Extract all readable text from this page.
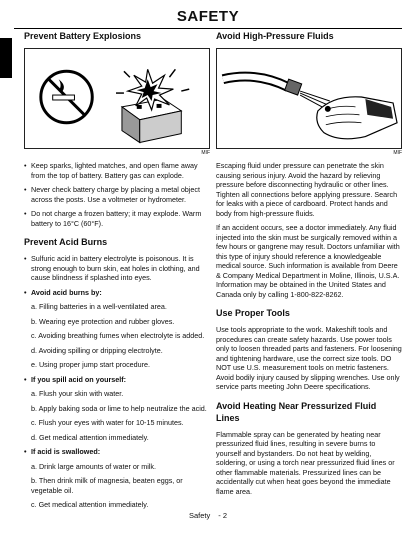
SAFETY
Prevent Battery Explosions
MIF

• Keep sparks, lighted matches, and open flame away from the top of battery. Battery gas can explode.

• Never check battery charge by placing a metal object across the posts. Use a voltmeter or hydrometer.

• Do not charge a frozen battery; it may explode. Warm battery to 16°C (60°F).

Prevent Acid Burns

• Sulfuric acid in battery electrolyte is poisonous. It is strong enough to burn skin, eat holes in clothing, and cause blindness if splashed into eyes.

• Avoid acid burns by:

a. Filling batteries in a well-ventilated area.

b. Wearing eye protection and rubber gloves.

c. Avoiding breathing fumes when electrolyte is added.

d. Avoiding spilling or dripping electrolyte.

e. Using proper jump start procedure.

• If you spill acid on yourself:

a. Flush your skin with water.

b. Apply baking soda or lime to help neutralize the acid.

c. Flush your eyes with water for 10-15 minutes.

d. Get medical attention immediately.

• If acid is swallowed:

a. Drink large amounts of water or milk.

b. Then drink milk of magnesia, beaten eggs, or vegetable oil.

c. Get medical attention immediately.

Avoid High-Pressure Fluids
MIF

Escaping fluid under pressure can penetrate the skin causing serious injury. Avoid the hazard by relieving pressure before disconnecting hydraulic or other lines. Tighten all connections before applying pressure. Search for leaks with a piece of cardboard. Protect hands and body from high-pressure fluids.

If an accident occurs, see a doctor immediately. Any fluid injected into the skin must be surgically removed within a few hours or gangrene may result. Doctors unfamiliar with this type of injury should reference a knowledgeable medical source. Such information is available from Deere & Company Medical Department in Moline, Illinois, U.S.A. Information may be obtained in the United States and Canada only by calling 1-800-822-8262.

Use Proper Tools

Use tools appropriate to the work. Makeshift tools and procedures can create safety hazards. Use power tools only to loosen threaded parts and fasteners. For loosening and tightening hardware, use the correct size tools. DO NOT use U.S. measurement tools on metric fasteners. Avoid bodily injury caused by slipping wrenches. Use only service parts meeting John Deere specifications.

Avoid Heating Near Pressurized Fluid Lines

Flammable spray can be generated by heating near pressurized fluid lines, resulting in severe burns to yourself and bystanders. Do not heat by welding, soldering, or using a torch near pressurized fluid lines or other flammable materials. Pressurized lines can be accidentally cut when heat goes beyond the immediate flame area.

Safety - 2
